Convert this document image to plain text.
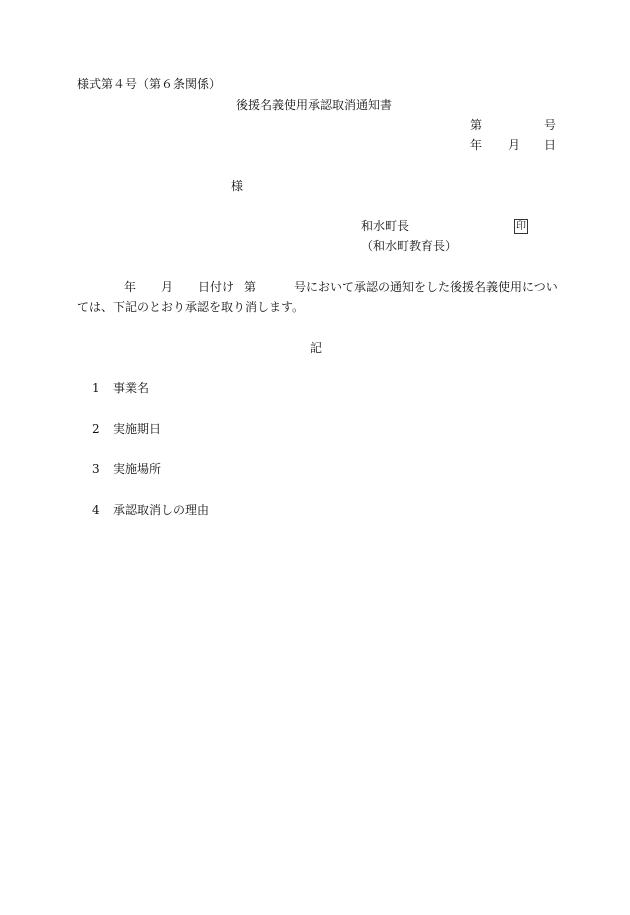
様式第４号（第６条関係）
後援名義使用承認取消通知書
第	号
年 月 日
様
和水町長	印
（和水町教育長）
年 月 日付け 第	号において承認の通知をした後援名義使用につい
ては、下記のとおり承認を取り消します。
記
1 事業名
2 実施期日
3 実施場所
4 承認取消しの理由
